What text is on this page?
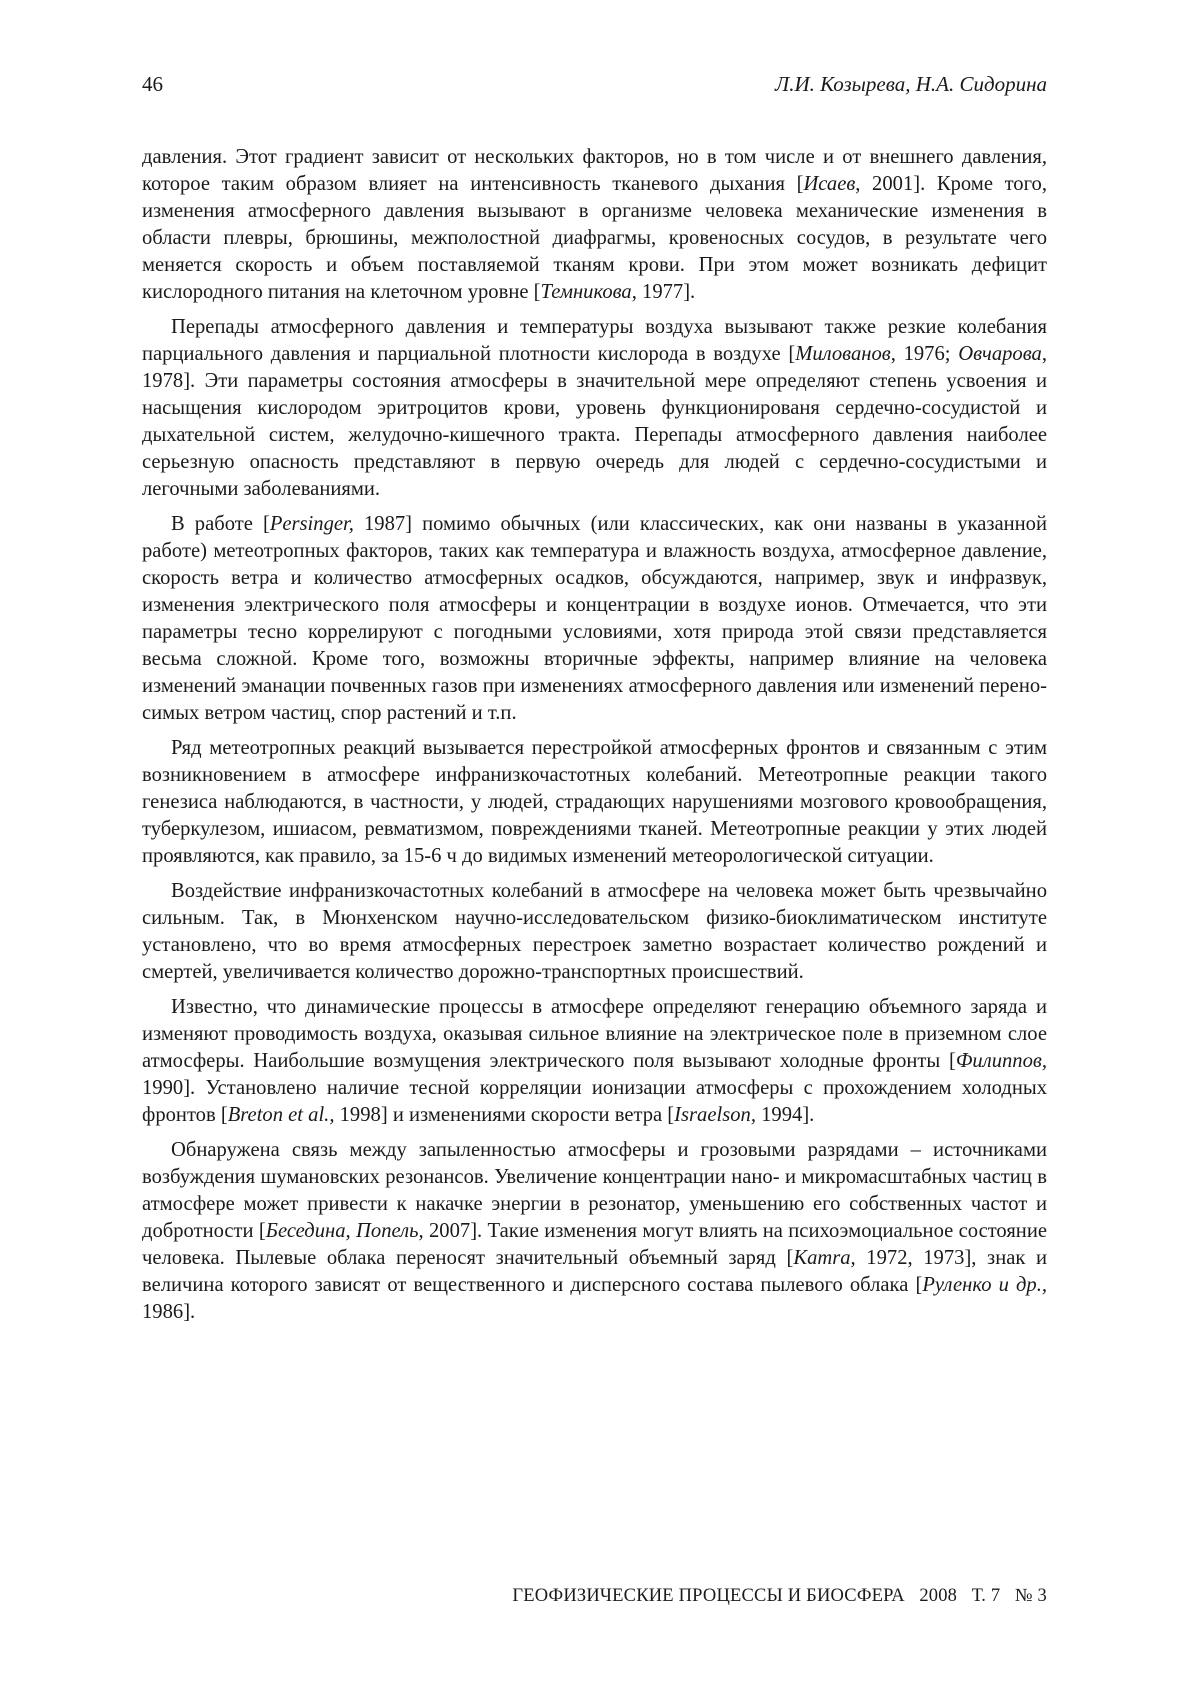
46	Л.И. Козырева, Н.А. Сидорина

давления. Этот градиент зависит от нескольких факторов, но в том числе и от внешнего давления, которое таким образом влияет на интенсивность тканевого дыхания [Исаев, 2001]. Кроме того, изменения атмосферного давления вызывают в организме человека механические изменения в области плевры, брюшины, межполостной диафрагмы, кровеносных сосудов, в результате чего меняется скорость и объем поставляемой тканям крови. При этом может возникать дефицит кислородного питания на клеточном уровне [Темникова, 1977].

Перепады атмосферного давления и температуры воздуха вызывают также резкие колебания парциального давления и парциальной плотности кислорода в воздухе [Милованов, 1976; Овчарова, 1978]. Эти параметры состояния атмосферы в значительной мере определяют степень усвоения и насыщения кислородом эритроцитов крови, уровень функционированя сердечно-сосудистой и дыхательной систем, желудочно-кишечного тракта. Перепады атмосферного давления наиболее серьезную опасность представляют в первую очередь для людей с сердечно-сосудистыми и легочными заболеваниями.

В работе [Persinger, 1987] помимо обычных (или классических, как они названы в указанной работе) метеотропных факторов, таких как температура и влажность воздуха, атмосферное давление, скорость ветра и количество атмосферных осадков, обсуждаются, например, звук и инфразвук, изменения электрического поля атмосферы и концентрации в воздухе ионов. Отмечается, что эти параметры тесно коррелируют с погодными условиями, хотя природа этой связи представляется весьма сложной. Кроме того, возможны вторичные эффекты, например влияние на человека изменений эманации почвенных газов при изменениях атмосферного давления или изменений переносимых ветром частиц, спор растений и т.п.

Ряд метеотропных реакций вызывается перестройкой атмосферных фронтов и связанным с этим возникновением в атмосфере инфранизкочастотных колебаний. Метеотропные реакции такого генезиса наблюдаются, в частности, у людей, страдающих нарушениями мозгового кровообращения, туберкулезом, ишиасом, ревматизмом, повреждениями тканей. Метеотропные реакции у этих людей проявляются, как правило, за 15-6 ч до видимых изменений метеорологической ситуации.

Воздействие инфранизкочастотных колебаний в атмосфере на человека может быть чрезвычайно сильным. Так, в Мюнхенском научно-исследовательском физико-биоклиматическом институте установлено, что во время атмосферных перестроек заметно возрастает количество рождений и смертей, увеличивается количество дорожно-транспортных происшествий.

Известно, что динамические процессы в атмосфере определяют генерацию объемного заряда и изменяют проводимость воздуха, оказывая сильное влияние на электрическое поле в приземном слое атмосферы. Наибольшие возмущения электрического поля вызывают холодные фронты [Филиппов, 1990]. Установлено наличие тесной корреляции ионизации атмосферы с прохождением холодных фронтов [Breton et al., 1998] и изменениями скорости ветра [Israelson, 1994].

Обнаружена связь между запыленностью атмосферы и грозовыми разрядами – источниками возбуждения шумановских резонансов. Увеличение концентрации нано- и микромасштабных частиц в атмосфере может привести к накачке энергии в резонатор, уменьшению его собственных частот и добротности [Беседина, Попель, 2007]. Такие изменения могут влиять на психоэмоциальное состояние человека. Пылевые облака переносят значительный объемный заряд [Kamra, 1972, 1973], знак и величина которого зависят от вещественного и дисперсного состава пылевого облака [Руленко и др., 1986].

ГЕОФИЗИЧЕСКИЕ ПРОЦЕССЫ И БИОСФЕРА 2008 Т. 7 № 3
